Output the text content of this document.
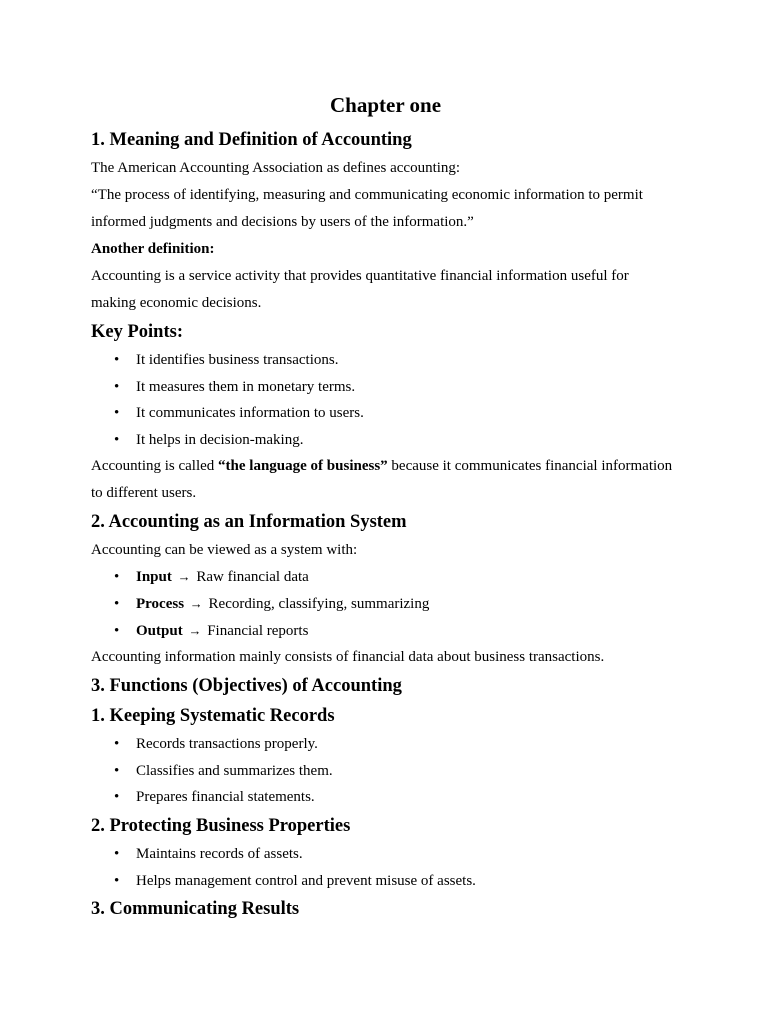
Chapter one
1. Meaning and Definition of Accounting

The American Accounting Association as defines accounting:

“The process of identifying, measuring and communicating economic information to permit

informed judgments and decisions by users of the information.”

Another definition:

Accounting is a service activity that provides quantitative financial information useful for

making economic decisions.

Key Points:
• It identifies business transactions.
• It measures them in monetary terms.
• It communicates information to users.
• It helps in decision-making.

Accounting is called “the language of business” because it communicates financial information

to different users.

2. Accounting as an Information System

Accounting can be viewed as a system with:

• Input → Raw financial data
• Process → Recording, classifying, summarizing
• Output → Financial reports

Accounting information mainly consists of financial data about business transactions.

3. Functions (Objectives) of Accounting
1. Keeping Systematic Records
• Records transactions properly.
• Classifies and summarizes them.
• Prepares financial statements.
2. Protecting Business Properties
• Maintains records of assets.
• Helps management control and prevent misuse of assets.
3. Communicating Results
